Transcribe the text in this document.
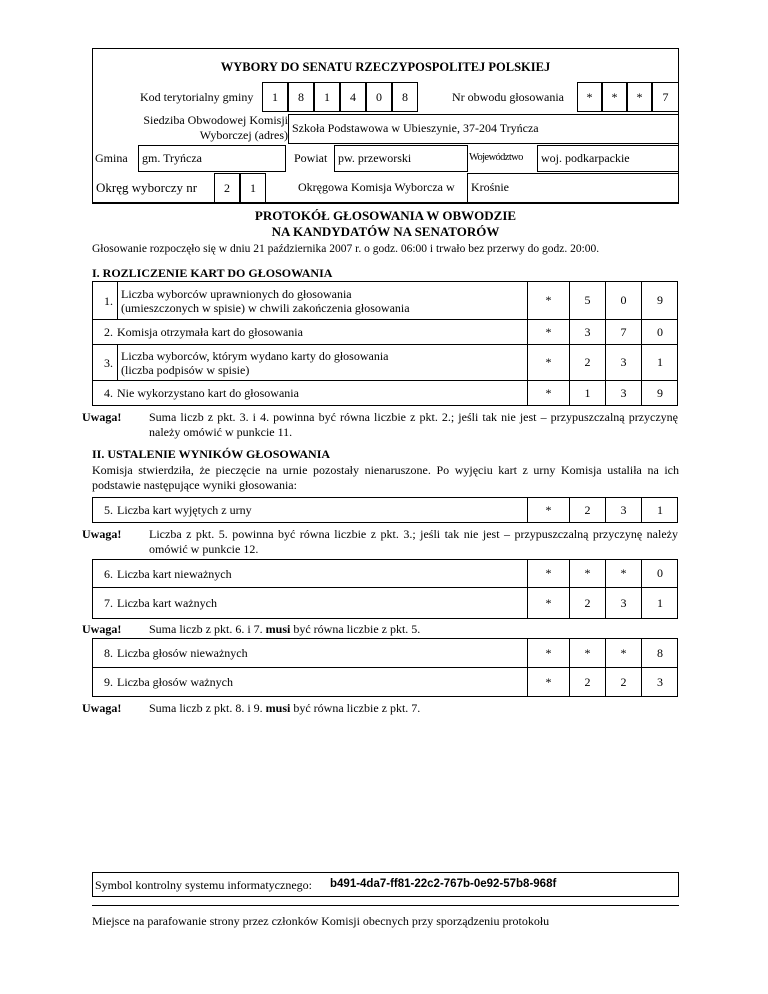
WYBORY DO SENATU RZECZYPOSPOLITEJ POLSKIEJ
Kod terytorialny gminy	1	8	1	4	0	8	Nr obwodu głosowania	*	*	*	7
Siedziba Obwodowej Komisji
Wyborczej (adres) Szkoła Podstawowa w Ubieszynie, 37-204 Tryńcza
Gmina gm. Tryńcza	Powiat pw. przeworski	Województwo woj. podkarpackie
Okręg wyborczy nr	2	1	Okręgowa Komisja Wyborcza w Krośnie
PROTOKÓŁ GŁOSOWANIA W OBWODZIE
NA KANDYDATÓW NA SENATORÓW
Głosowanie rozpoczęło się w dniu 21 października 2007 r. o godz. 06:00 i trwało bez przerwy do godz. 20:00.
I. ROZLICZENIE KART DO GŁOSOWANIA
1. Liczba wyborców uprawnionych do głosowania
(umieszczonych w spisie) w chwili zakończenia głosowania
*	5	0	9
2. Komisja otrzymała kart do głosowania	*	3	7	0
3. Liczba wyborców, którym wydano karty do głosowania
(liczba podpisów w spisie)
*	2	3	1
4. Nie wykorzystano kart do głosowania	*	1	3	9
Uwaga!	Suma liczb z pkt. 3. i 4. powinna być równa liczbie z pkt. 2.; jeśli tak nie jest – przypuszczalną przyczynę należy omówić w punkcie 11.
II. USTALENIE WYNIKÓW GŁOSOWANIA
Komisja stwierdziła, że pieczęcie na urnie pozostały nienaruszone. Po wyjęciu kart z urny Komisja ustaliła na ich podstawie następujące wyniki głosowania:
5. Liczba kart wyjętych z urny	*	2	3	1
Uwaga!	Liczba z pkt. 5. powinna być równa liczbie z pkt. 3.; jeśli tak nie jest – przypuszczalną przyczynę należy omówić w punkcie 12.
6. Liczba kart nieważnych	*	*	*	0
7. Liczba kart ważnych	*	2	3	1
Uwaga!	Suma liczb z pkt. 6. i 7. musi być równa liczbie z pkt. 5.
8. Liczba głosów nieważnych	*	*	*	8
9. Liczba głosów ważnych	*	2	2	3
Uwaga!	Suma liczb z pkt. 8. i 9. musi być równa liczbie z pkt. 7.
Symbol kontrolny systemu informatycznego: b491-4da7-ff81-22c2-767b-0e92-57b8-968f
Miejsce na parafowanie strony przez członków Komisji obecnych przy sporządzeniu protokołu
